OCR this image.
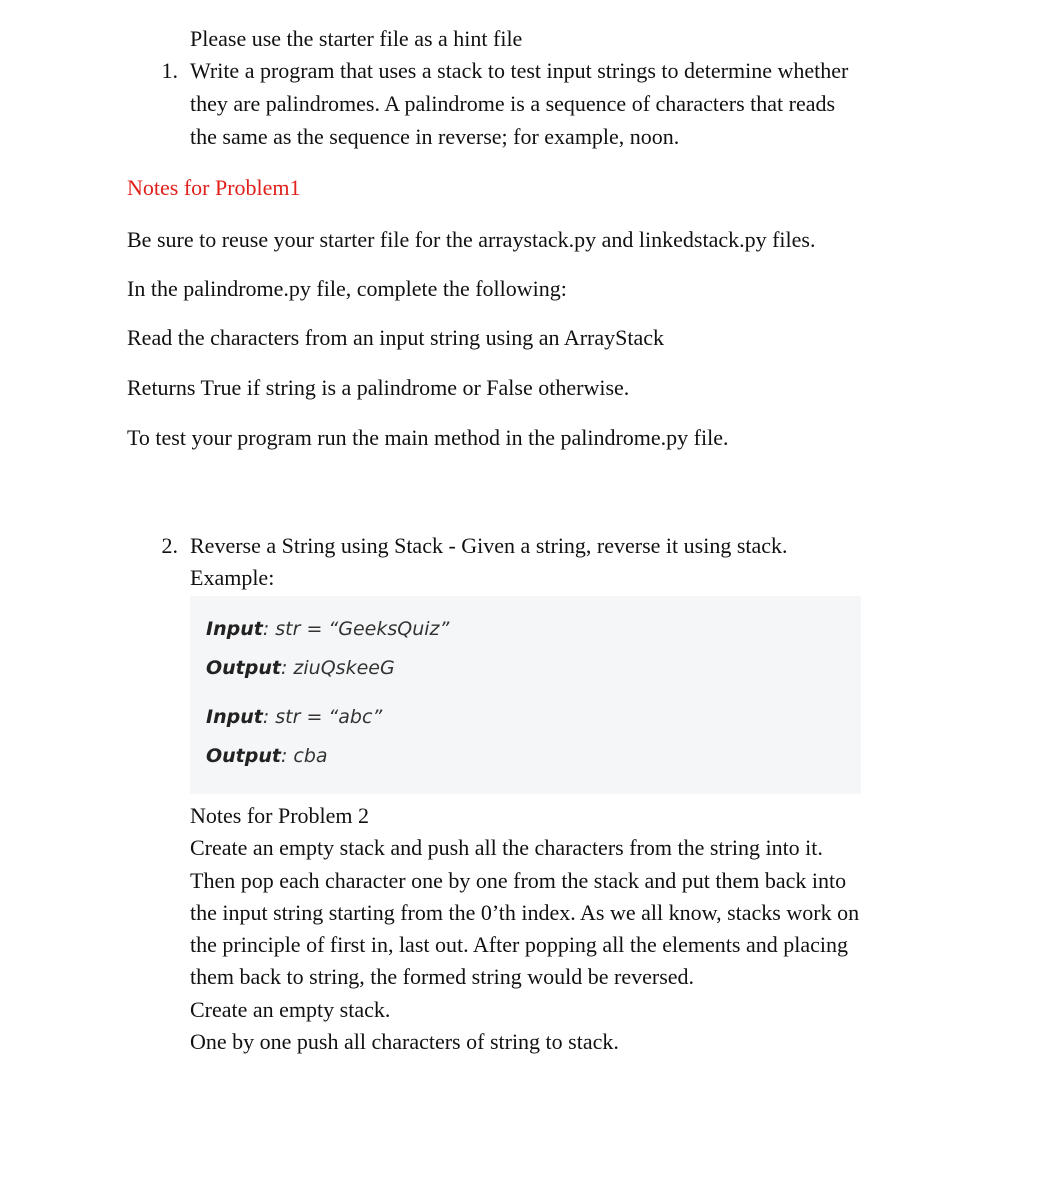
Please use the starter file as a hint file
1. Write a program that uses a stack to test input strings to determine whether
they are palindromes. A palindrome is a sequence of characters that reads
the same as the sequence in reverse; for example, noon.
Notes for Problem1
Be sure to reuse your starter file for the arraystack.py and linkedstack.py files.
In the palindrome.py file, complete the following:
Read the characters from an input string using an ArrayStack
Returns True if string is a palindrome or False otherwise.
To test your program run the main method in the palindrome.py file.
2. Reverse a String using Stack - Given a string, reverse it using stack.
Example:
Input: str = “GeeksQuiz”
Output: ziuQskeeG
Input: str = “abc”
Output: cba
Notes for Problem 2
Create an empty stack and push all the characters from the string into it.
Then pop each character one by one from the stack and put them back into
the input string starting from the 0’th index. As we all know, stacks work on
the principle of first in, last out. After popping all the elements and placing
them back to string, the formed string would be reversed.
Create an empty stack.
One by one push all characters of string to stack.
